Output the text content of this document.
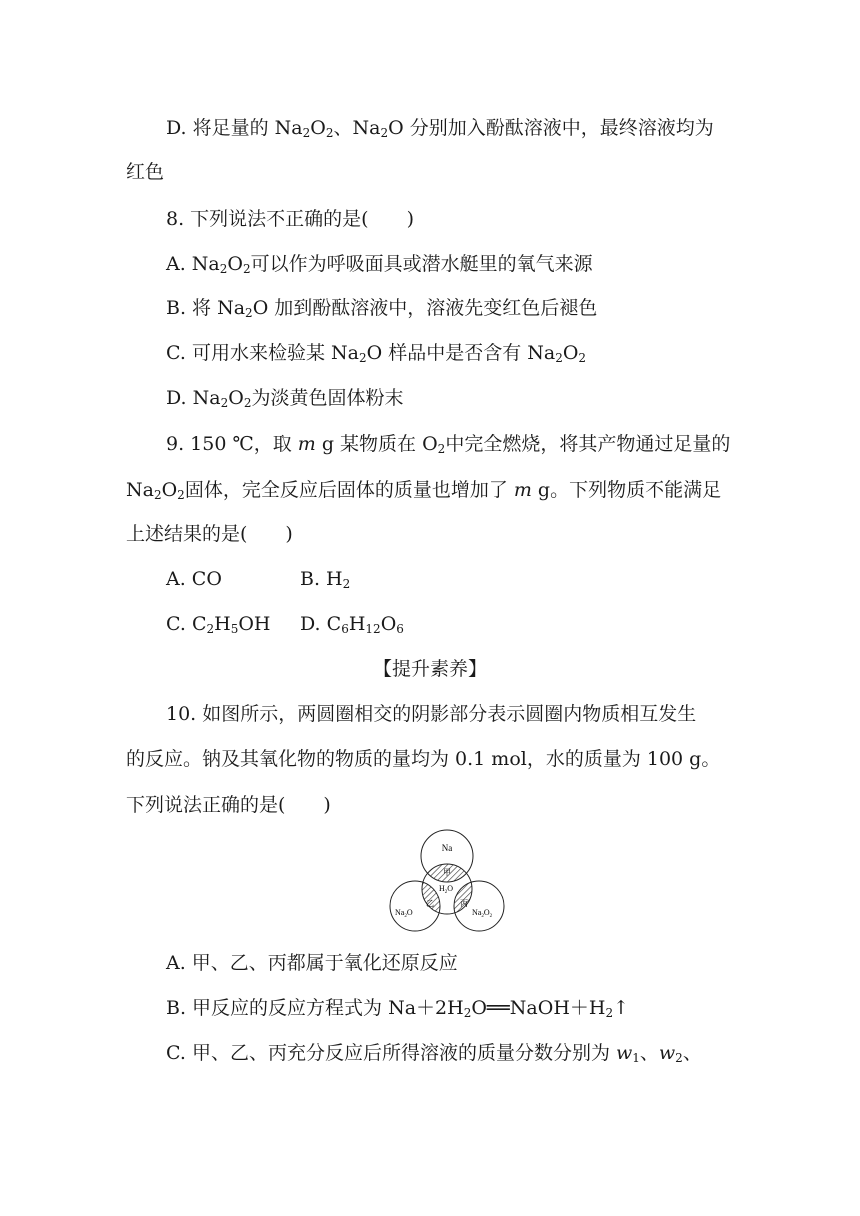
D. 将足量的 $Na_2O_2$、$Na_2O$ 分别加入酚酞溶液中，最终溶液均为
红色
8. 下列说法不正确的是(　　)
A. $Na_2O_2$可以作为呼吸面具或潜水艇里的氧气来源
B. 将 $Na_2O$ 加到酚酞溶液中，溶液先变红色后褪色
C. 可用水来检验某 $Na_2O$ 样品中是否含有 $Na_2O_2$
D. $Na_2O_2$为淡黄色固体粉末
9. 150 ℃，取 m g 某物质在 $O_2$中完全燃烧，将其产物通过足量的
$Na_2O_2$固体，完全反应后固体的质量也增加了 m g。下列物质不能满足
上述结果的是(　　)
A. CO	B. $H_2$
C. $C_2H_5OH$ D. $C_6H_{12}O_6$
【提升素养】
10. 如图所示，两圆圈相交的阴影部分表示圆圈内物质相互发生
的反应。钠及其氧化物的物质的量均为 0.1 mol，水的质量为 100 g。
下列说法正确的是(　　)
Na
甲
$H_2O$
乙	丙
$Na_2O$	$Na_2O_2$
A. 甲、乙、丙都属于氧化还原反应
B. 甲反应的反应方程式为 $Na+2H_2O══NaOH+H_2↑$
C. 甲、乙、丙充分反应后所得溶液的质量分数分别为 $w_1$、$w_2$、
